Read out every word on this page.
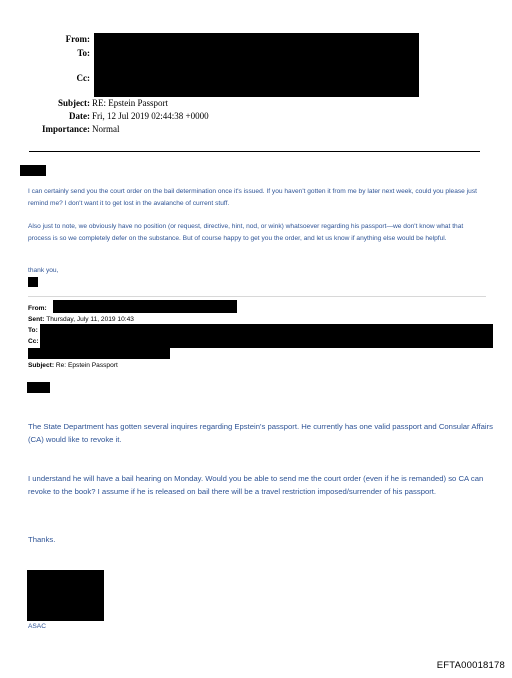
From:
To:
Cc:
Subject: RE: Epstein Passport
Date: Fri, 12 Jul 2019 02:44:38 +0000
Importance: Normal
I can certainly send you the court order on the bail determination once it's issued. If you haven't gotten it from me by later next week, could you please just remind me? I don't want it to get lost in the avalanche of current stuff.
Also just to note, we obviously have no position (or request, directive, hint, nod, or wink) whatsoever regarding his passport—we don't know what that process is so we completely defer on the substance. But of course happy to get you the order, and let us know if anything else would be helpful.
thank you,
From:
Sent: Thursday, July 11, 2019 10:43
To:
Cc:
Subject: Re: Epstein Passport
The State Department has gotten several inquires regarding Epstein's passport. He currently has one valid passport and Consular Affairs (CA) would like to revoke it.
I understand he will have a bail hearing on Monday. Would you be able to send me the court order (even if he is remanded) so CA can revoke to the book? I assume if he is released on bail there will be a travel restriction imposed/surrender of his passport.
Thanks.
ASAC
EFTA00018178
